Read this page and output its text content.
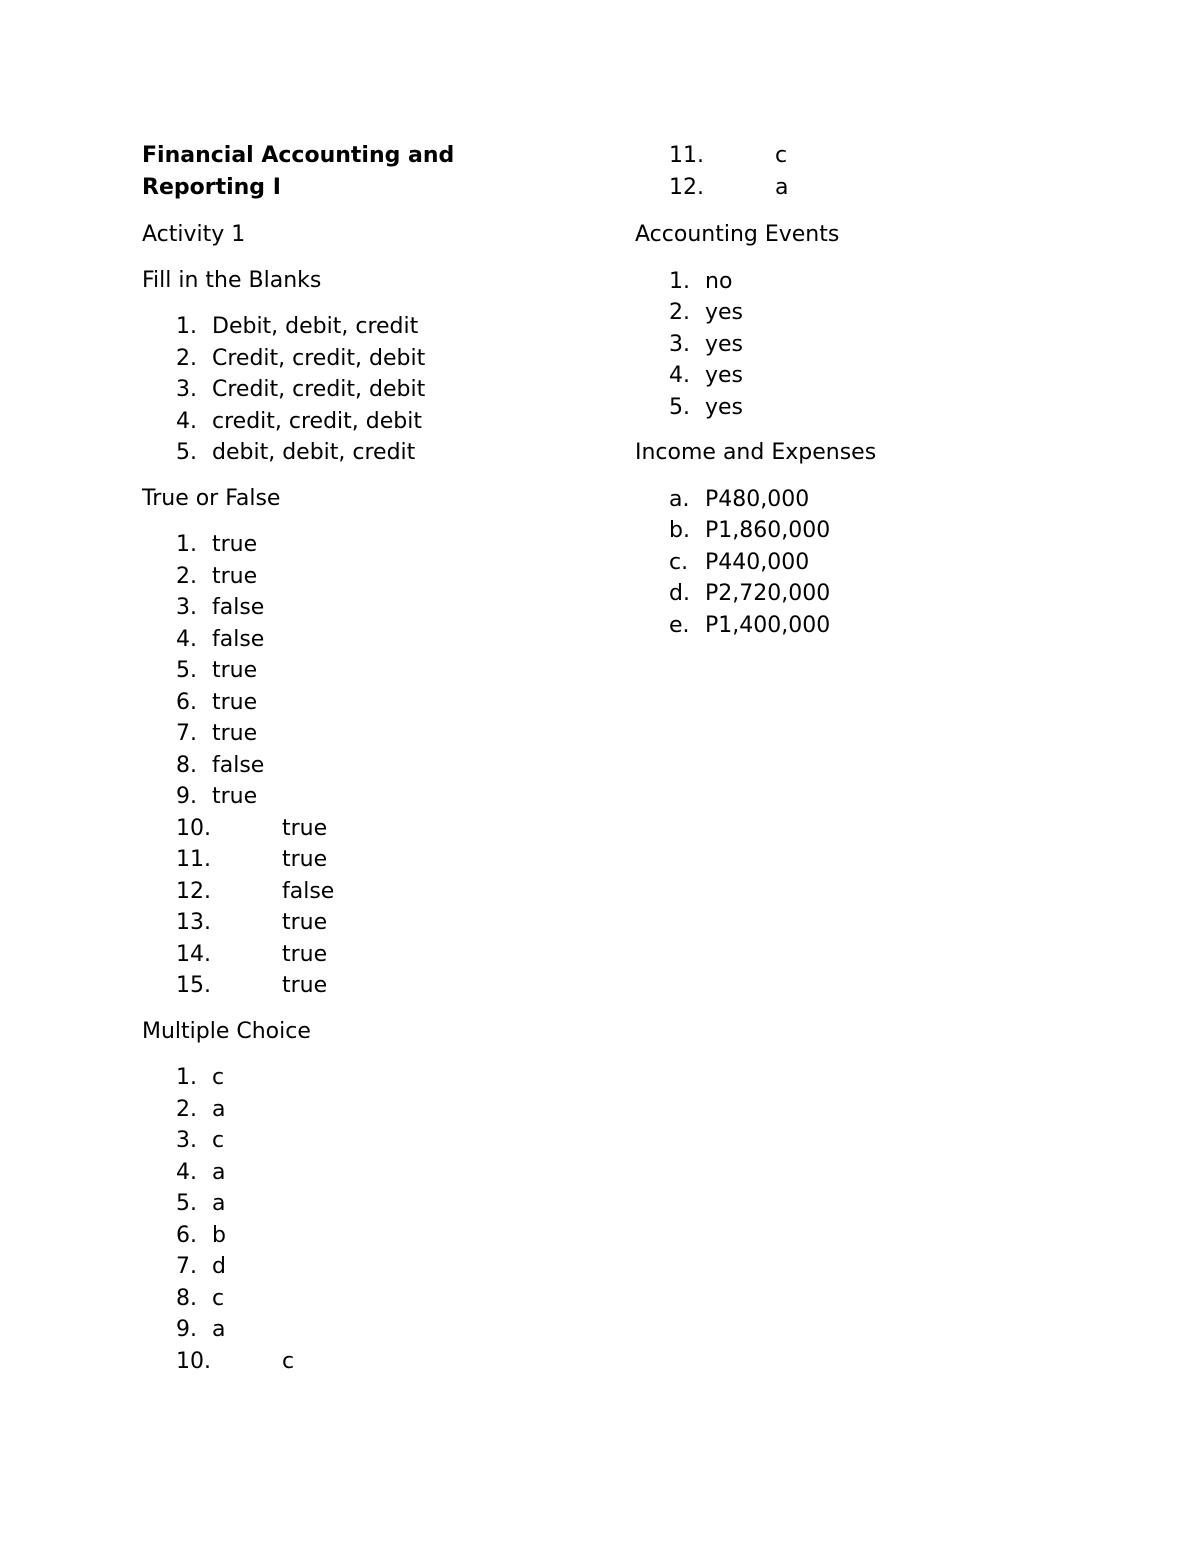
Financial Accounting and
Reporting I

Activity 1

Fill in the Blanks

1. Debit, debit, credit
2. Credit, credit, debit
3. Credit, credit, debit
4. credit, credit, debit
5. debit, debit, credit

True or False

1. true
2. true
3. false
4. false
5. true
6. true
7. true
8. false
9. true
10.	true
11.	true
12.	false
13.	true
14.	true
15.	true

Multiple Choice

1. c
2. a
3. c
4. a
5. a
6. b
7. d
8. c
9. a
10.	c
11.	c
12.	a

Accounting Events

1. no
2. yes
3. yes
4. yes
5. yes

Income and Expenses

a. P480,000
b. P1,860,000
c. P440,000
d. P2,720,000
e. P1,400,000
